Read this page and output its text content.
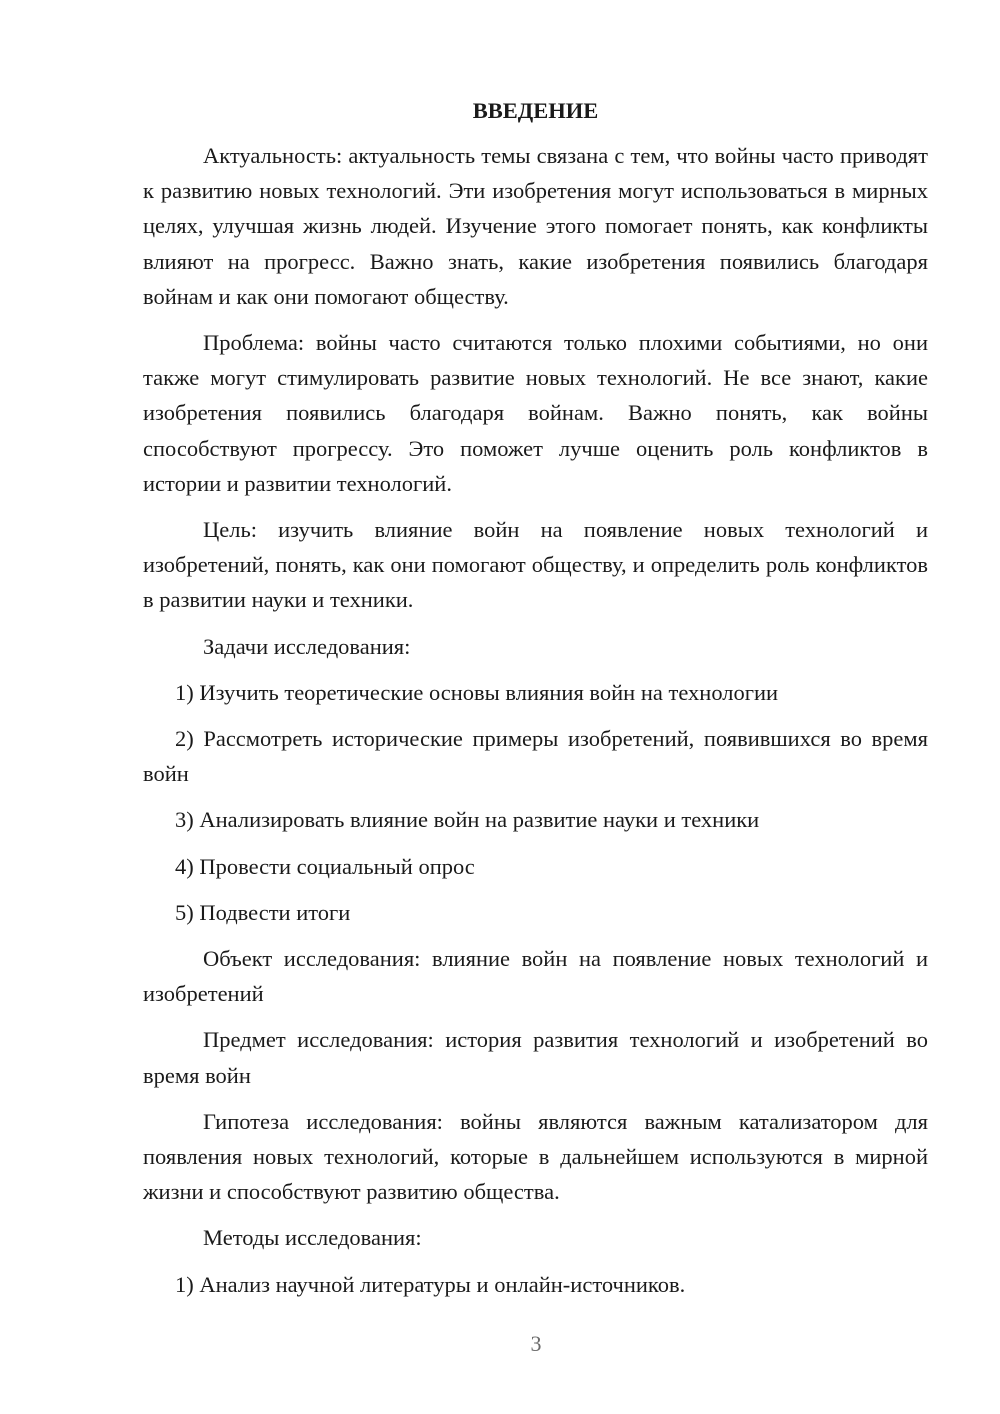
ВВЕДЕНИЕ

Актуальность: актуальность темы связана с тем, что войны часто приводят к развитию новых технологий. Эти изобретения могут использоваться в мирных целях, улучшая жизнь людей. Изучение этого помогает понять, как конфликты влияют на прогресс. Важно знать, какие изобретения появились благодаря войнам и как они помогают обществу.

Проблема: войны часто считаются только плохими событиями, но они также могут стимулировать развитие новых технологий. Не все знают, какие изобретения появились благодаря войнам. Важно понять, как войны способствуют прогрессу. Это поможет лучше оценить роль конфликтов в истории и развитии технологий.

Цель: изучить влияние войн на появление новых технологий и изобретений, понять, как они помогают обществу, и определить роль конфликтов в развитии науки и техники.

Задачи исследования:

1) Изучить теоретические основы влияния войн на технологии

2) Рассмотреть исторические примеры изобретений, появившихся во время войн

3) Анализировать влияние войн на развитие науки и техники

4) Провести социальный опрос

5) Подвести итоги

Объект исследования: влияние войн на появление новых технологий и изобретений

Предмет исследования: история развития технологий и изобретений во время войн

Гипотеза исследования: войны являются важным катализатором для появления новых технологий, которые в дальнейшем используются в мирной жизни и способствуют развитию общества.

Методы исследования:

1) Анализ научной литературы и онлайн-источников.

3
